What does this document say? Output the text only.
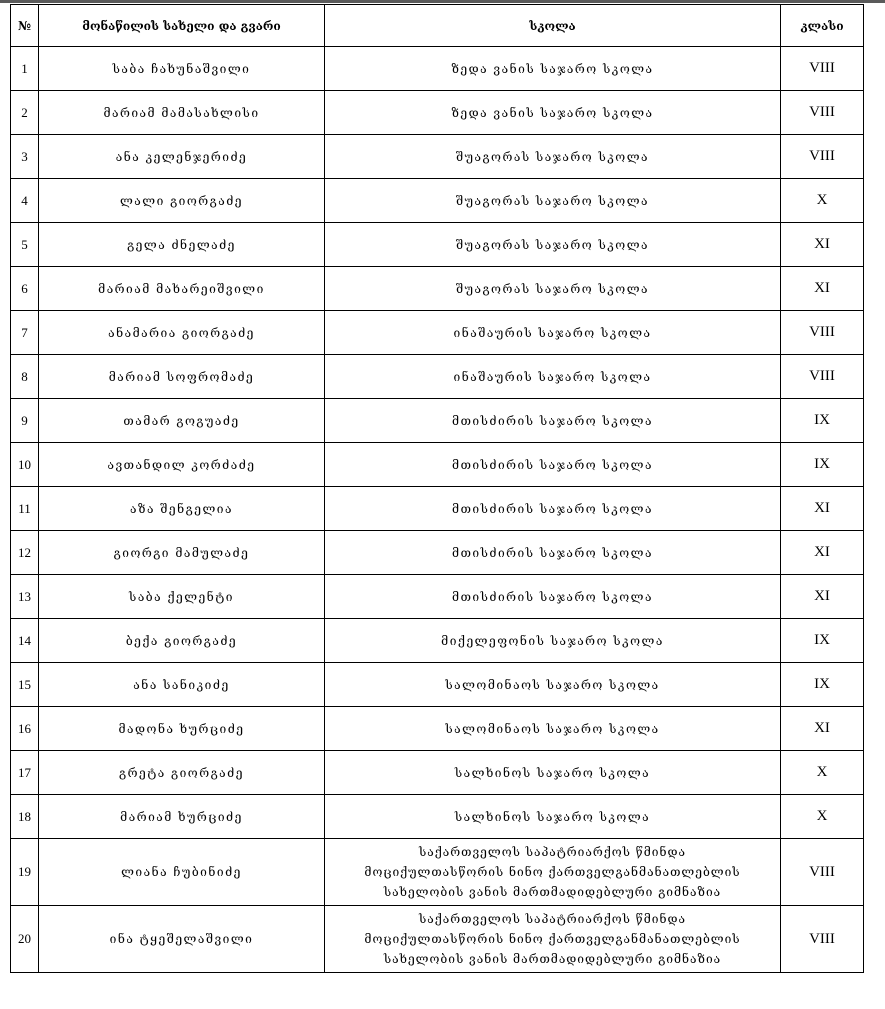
№	მონაწილის სახელი და გვარი	სკოლა	კლასი
1	საბა ჩახუნაშვილი	ზედა ვანის საჯარო სკოლა	VIII
2	მარიამ მამასახლისი	ზედა ვანის საჯარო სკოლა	VIII
3	ანა კელენჯერიძე	შუაგორას საჯარო სკოლა	VIII
4	ლალი გიორგაძე	შუაგორას საჯარო სკოლა	X
5	გელა ძნელაძე	შუაგორას საჯარო სკოლა	XI
6	მარიამ მახარეიშვილი	შუაგორას საჯარო სკოლა	XI
7	ანამარია გიორგაძე	ინაშაურის საჯარო სკოლა	VIII
8	მარიამ სოფრომაძე	ინაშაურის საჯარო სკოლა	VIII
9	თამარ გოგუაძე	მთისძირის საჯარო სკოლა	IX
10	ავთანდილ კორძაძე	მთისძირის საჯარო სკოლა	IX
11	აზა შენგელია	მთისძირის საჯარო სკოლა	XI
12	გიორგი მამულაძე	მთისძირის საჯარო სკოლა	XI
13	საბა ქელენტი	მთისძირის საჯარო სკოლა	XI
14	ბექა გიორგაძე	მიქელეფონის საჯარო სკოლა	IX
15	ანა სანიკიძე	სალომინაოს საჯარო სკოლა	IX
16	მადონა ხურციძე	სალომინაოს საჯარო სკოლა	XI
17	გრეტა გიორგაძე	სალხინოს საჯარო სკოლა	X
18	მარიამ ხურციძე	სალხინოს საჯარო სკოლა	X
19	ლიანა ჩუბინიძე	საქართველოს საპატრიარქოს წმინდა
მოციქულთასწორის ნინო ქართველგანმანათლებლის
სახელობის ვანის მართმადიდებლური გიმნაზია	VIII
20	ინა ტყეშელაშვილი	საქართველოს საპატრიარქოს წმინდა
მოციქულთასწორის ნინო ქართველგანმანათლებლის
სახელობის ვანის მართმადიდებლური გიმნაზია	VIII
